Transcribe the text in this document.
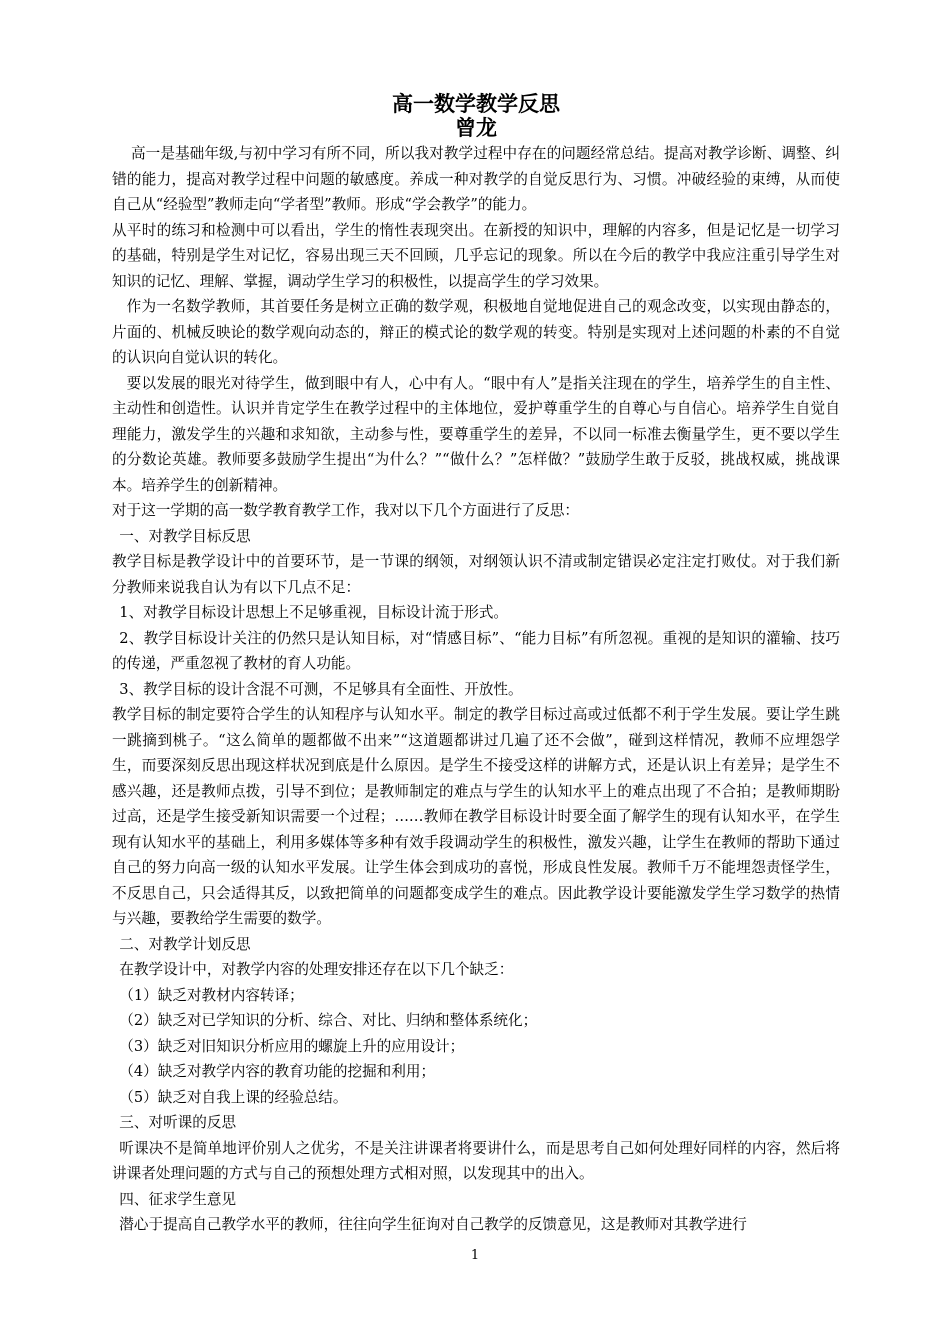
高一数学教学反思
曾龙

高一是基础年级,与初中学习有所不同，所以我对教学过程中存在的问题经常总结。提高对教学诊断、调整、纠错的能力，提高对教学过程中问题的敏感度。养成一种对教学的自觉反思行为、习惯。冲破经验的束缚，从而使自己从“经验型”教师走向“学者型”教师。形成“学会教学”的能力。

从平时的练习和检测中可以看出，学生的惰性表现突出。在新授的知识中，理解的内容多，但是记忆是一切学习的基础，特别是学生对记忆，容易出现三天不回顾，几乎忘记的现象。所以在今后的教学中我应注重引导学生对知识的记忆、理解、掌握，调动学生学习的积极性，以提高学生的学习效果。

作为一名数学教师，其首要任务是树立正确的数学观，积极地自觉地促进自己的观念改变，以实现由静态的，片面的、机械反映论的数学观向动态的，辩正的模式论的数学观的转变。特别是实现对上述问题的朴素的不自觉的认识向自觉认识的转化。

要以发展的眼光对待学生，做到眼中有人，心中有人。“眼中有人”是指关注现在的学生，培养学生的自主性、主动性和创造性。认识并肯定学生在教学过程中的主体地位，爱护尊重学生的自尊心与自信心。培养学生自觉自理能力，激发学生的兴趣和求知欲，主动参与性，要尊重学生的差异，不以同一标准去衡量学生，更不要以学生的分数论英雄。教师要多鼓励学生提出“为什么？”“做什么？”怎样做？”鼓励学生敢于反驳，挑战权威，挑战课本。培养学生的创新精神。

对于这一学期的高一数学教育教学工作，我对以下几个方面进行了反思：

一、对教学目标反思

教学目标是教学设计中的首要环节，是一节课的纲领，对纲领认识不清或制定错误必定注定打败仗。对于我们新分教师来说我自认为有以下几点不足：

1、对教学目标设计思想上不足够重视，目标设计流于形式。

2、教学目标设计关注的仍然只是认知目标，对“情感目标”、“能力目标”有所忽视。重视的是知识的灌输、技巧的传递，严重忽视了教材的育人功能。

3、教学目标的设计含混不可测，不足够具有全面性、开放性。

教学目标的制定要符合学生的认知程序与认知水平。制定的教学目标过高或过低都不利于学生发展。要让学生跳一跳摘到桃子。“这么简单的题都做不出来”“这道题都讲过几遍了还不会做”，碰到这样情况，教师不应埋怨学生，而要深刻反思出现这样状况到底是什么原因。是学生不接受这样的讲解方式，还是认识上有差异；是学生不感兴趣，还是教师点拨，引导不到位；是教师制定的难点与学生的认知水平上的难点出现了不合拍；是教师期盼过高，还是学生接受新知识需要一个过程；……教师在教学目标设计时要全面了解学生的现有认知水平，在学生现有认知水平的基础上，利用多媒体等多种有效手段调动学生的积极性，激发兴趣，让学生在教师的帮助下通过自己的努力向高一级的认知水平发展。让学生体会到成功的喜悦，形成良性发展。教师千万不能埋怨责怪学生，不反思自己，只会适得其反，以致把简单的问题都变成学生的难点。因此教学设计要能激发学生学习数学的热情与兴趣，要教给学生需要的数学。

二、对教学计划反思

在教学设计中，对教学内容的处理安排还存在以下几个缺乏：

（1）缺乏对教材内容转译；

（2）缺乏对已学知识的分析、综合、对比、归纳和整体系统化；

（3）缺乏对旧知识分析应用的螺旋上升的应用设计；

（4）缺乏对教学内容的教育功能的挖掘和利用；

（5）缺乏对自我上课的经验总结。

三、对听课的反思

听课决不是简单地评价别人之优劣，不是关注讲课者将要讲什么，而是思考自己如何处理好同样的内容，然后将讲课者处理问题的方式与自己的预想处理方式相对照，以发现其中的出入。

四、征求学生意见

潜心于提高自己教学水平的教师，往往向学生征询对自己教学的反馈意见，这是教师对其教学进行

1
